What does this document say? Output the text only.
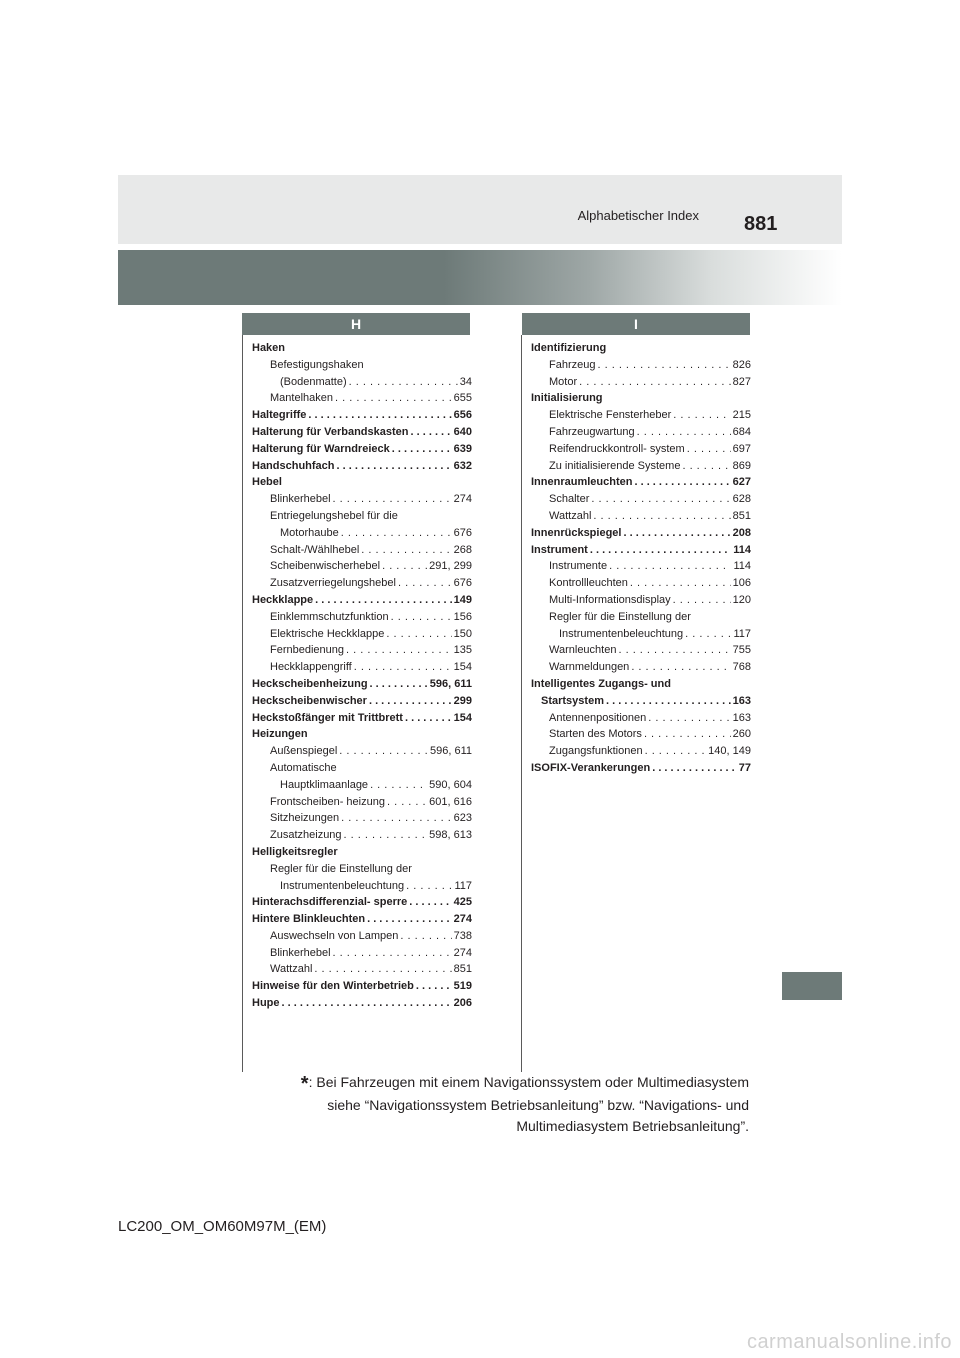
Alphabetischer Index 881
H	I
Haken
Befestigungshaken
(Bodenmatte) . . .	34
Mantelhaken . . .	655
Haltegriffe . . .	656
Halterung für Verbandskasten . . .	640
Halterung für Warndreieck . . .	639
Handschuhfach . . .	632
Hebel
Blinkerhebel . . .	274
Entriegelungshebel für die
Motorhaube . . .	676
Schalt-/Wählhebel . . .	268
Scheibenwischerhebel . . .	291, 299
Zusatzverriegelungshebel . . .	676
Heckklappe . . .	149
Einklemmschutzfunktion . . .	156
Elektrische Heckklappe . . .	150
Fernbedienung . . .	135
Heckklappengriff . . .	154
Heckscheibenheizung . . .	596, 611
Heckscheibenwischer . . .	299
Heckstoßfänger mit Trittbrett . . .	154
Heizungen
Außenspiegel . . .	596, 611
Automatische
Hauptklimaanlage . . .	590, 604
Frontscheiben- heizung . . .	601, 616
Sitzheizungen . . .	623
Zusatzheizung . . .	598, 613
Helligkeitsregler
Regler für die Einstellung der
Instrumentenbeleuchtung . . .	117
Hinterachsdifferenzial- sperre . . .	425
Hintere Blinkleuchten . . .	274
Auswechseln von Lampen . . .	738
Blinkerhebel . . .	274
Wattzahl . . .	851
Hinweise für den Winterbetrieb . . .	519
Hupe . . .	206
Identifizierung
Fahrzeug . . .	826
Motor . . .	827
Initialisierung
Elektrische Fensterheber . . .	215
Fahrzeugwartung . . .	684
Reifendruckkontroll- system . . .	697
Zu initialisierende Systeme . . .	869
Innenraumleuchten . . .	627
Schalter . . .	628
Wattzahl . . .	851
Innenrückspiegel . . .	208
Instrument . . .	114
Instrumente . . .	114
Kontrollleuchten . . .	106
Multi-Informationsdisplay . . .	120
Regler für die Einstellung der
Instrumentenbeleuchtung . . .	117
Warnleuchten . . .	755
Warnmeldungen . . .	768
Intelligentes Zugangs- und
Startsystem . . .	163
Antennenpositionen . . .	163
Starten des Motors . . .	260
Zugangsfunktionen . . .	140, 149
ISOFIX-Verankerungen . . .	77
*: Bei Fahrzeugen mit einem Navigationssystem oder Multimediasystem siehe “Navigationssystem Betriebsanleitung” bzw. “Navigations- und Multimediasystem Betriebsanleitung”.
LC200_OM_OM60M97M_(EM)
carmanualsonline.info
